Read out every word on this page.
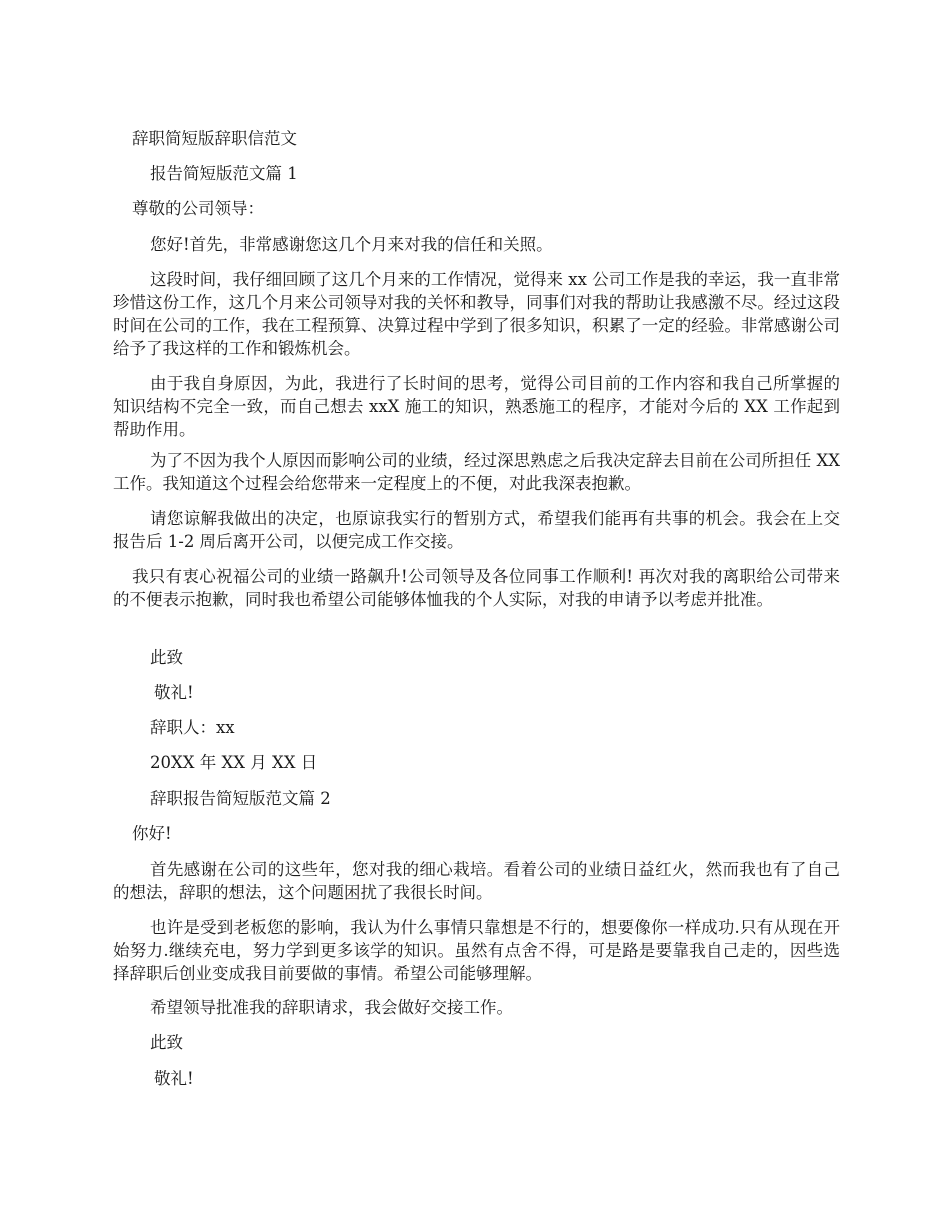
辞职简短版辞职信范文
报告简短版范文篇 1
尊敬的公司领导：
您好!首先，非常感谢您这几个月来对我的信任和关照。
这段时间，我仔细回顾了这几个月来的工作情况，觉得来 xx 公司工作是我的幸运，我一直非常珍惜这份工作，这几个月来公司领导对我的关怀和教导，同事们对我的帮助让我感激不尽。经过这段时间在公司的工作，我在工程预算、决算过程中学到了很多知识，积累了一定的经验。非常感谢公司给予了我这样的工作和锻炼机会。
由于我自身原因，为此，我进行了长时间的思考，觉得公司目前的工作内容和我自己所掌握的知识结构不完全一致，而自己想去 xxX 施工的知识，熟悉施工的程序，才能对今后的 XX 工作起到帮助作用。
为了不因为我个人原因而影响公司的业绩，经过深思熟虑之后我决定辞去目前在公司所担任 XX 工作。我知道这个过程会给您带来一定程度上的不便，对此我深表抱歉。
请您谅解我做出的决定，也原谅我实行的暂别方式，希望我们能再有共事的机会。我会在上交报告后 1-2 周后离开公司，以便完成工作交接。
我只有衷心祝福公司的业绩一路飙升!公司领导及各位同事工作顺利! 再次对我的离职给公司带来的不便表示抱歉，同时我也希望公司能够体恤我的个人实际，对我的申请予以考虑并批准。
此致
敬礼!
辞职人：xx
20XX 年 XX 月 XX 日
辞职报告简短版范文篇 2
你好!
首先感谢在公司的这些年，您对我的细心栽培。看着公司的业绩日益红火，然而我也有了自己的想法，辞职的想法，这个问题困扰了我很长时间。
也许是受到老板您的影响，我认为什么事情只靠想是不行的，想要像你一样成功.只有从现在开始努力.继续充电，努力学到更多该学的知识。虽然有点舍不得，可是路是要靠我自己走的，因些选择辞职后创业变成我目前要做的事情。希望公司能够理解。
希望领导批准我的辞职请求，我会做好交接工作。
此致
敬礼!
